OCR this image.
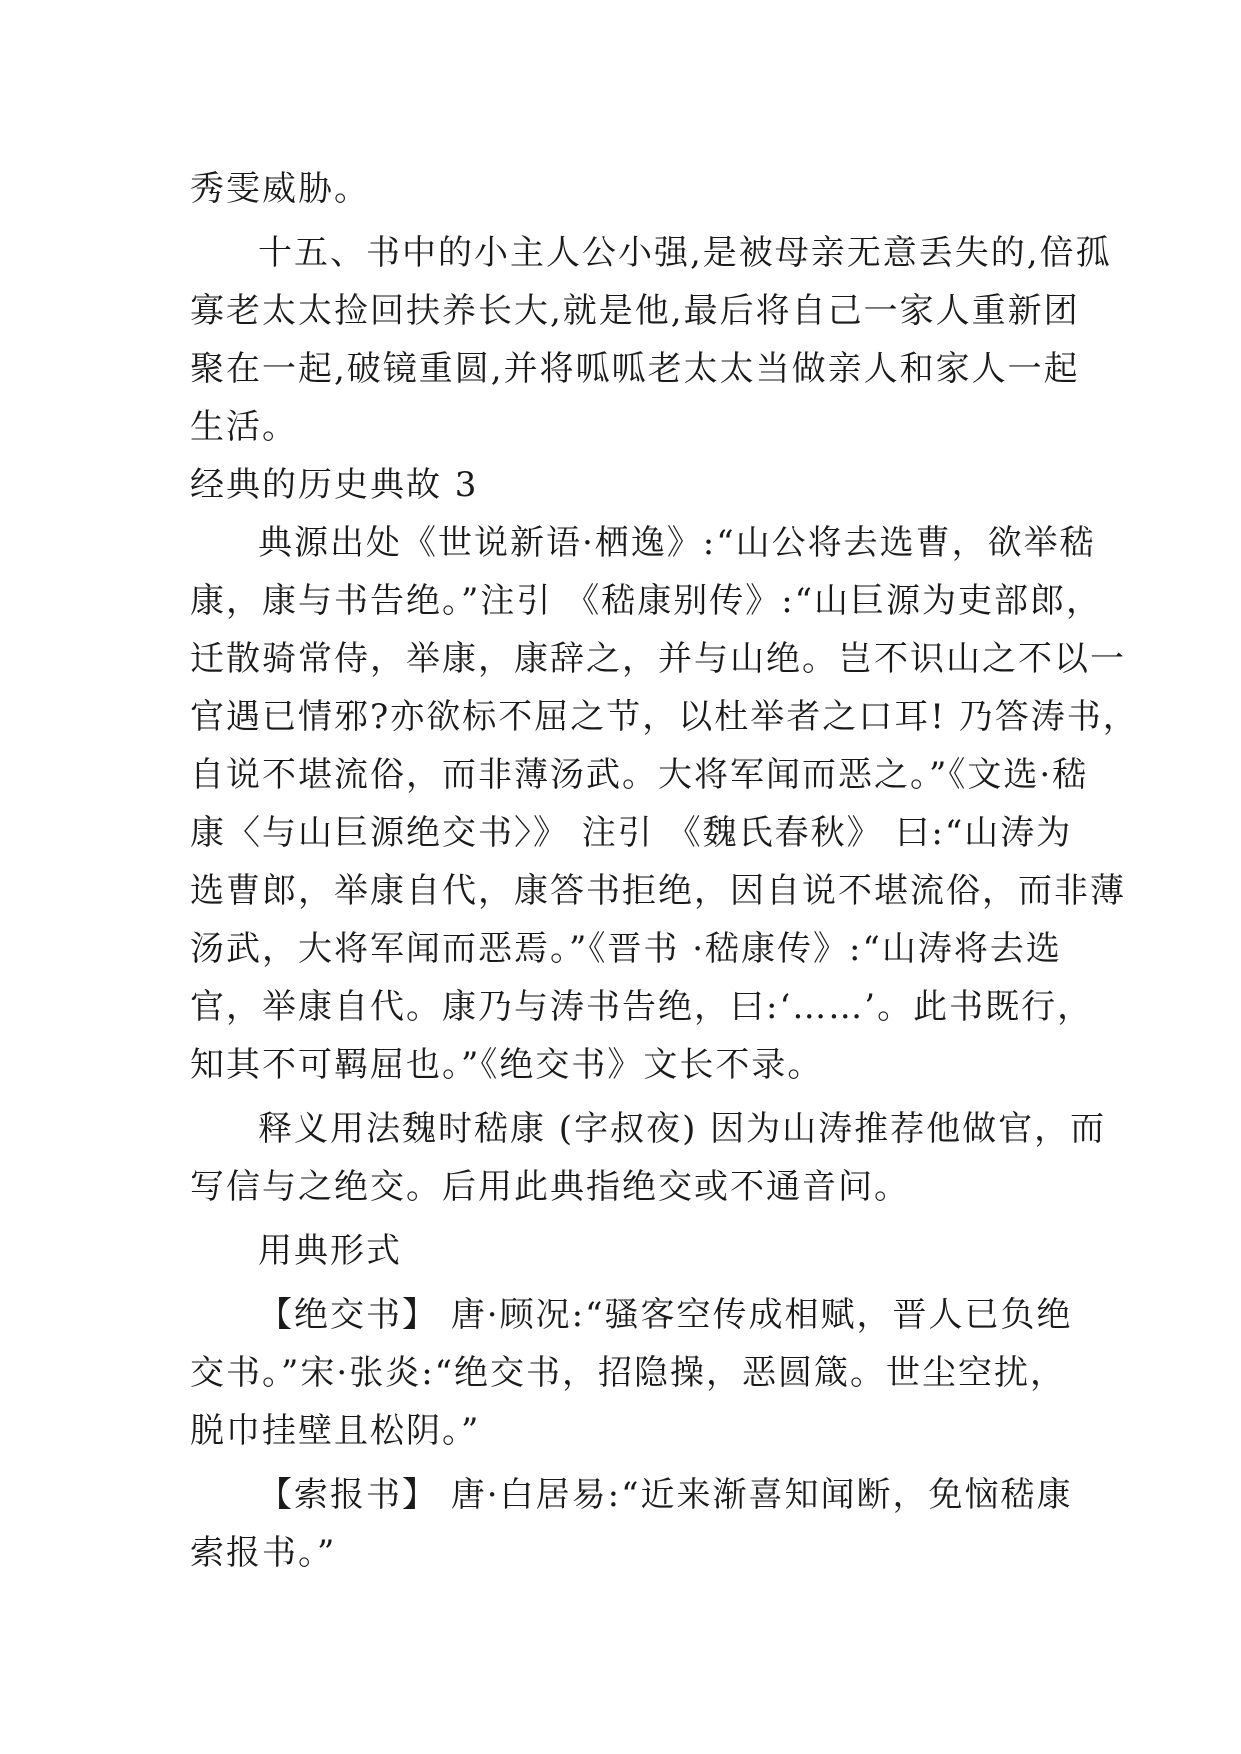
秀雯威胁。
十五、书中的小主人公小强,是被母亲无意丢失的,倍孤
寡老太太捡回扶养长大,就是他,最后将自己一家人重新团
聚在一起,破镜重圆,并将呱呱老太太当做亲人和家人一起
生活。
经典的历史典故 3
典源出处《世说新语·栖逸》:“山公将去选曹，欲举嵇
康，康与书告绝。”注引 《嵇康别传》:“山巨源为吏部郎，
迁散骑常侍，举康，康辞之，并与山绝。岂不识山之不以一
官遇已情邪?亦欲标不屈之节，以杜举者之口耳! 乃答涛书，
自说不堪流俗，而非薄汤武。大将军闻而恶之。”《文选·嵇
康〈与山巨源绝交书〉》 注引 《魏氏春秋》 曰:“山涛为
选曹郎，举康自代，康答书拒绝，因自说不堪流俗，而非薄
汤武，大将军闻而恶焉。”《晋书 ·嵇康传》:“山涛将去选
官，举康自代。康乃与涛书告绝，曰:‘……’。此书既行，
知其不可羁屈也。”《绝交书》文长不录。
释义用法魏时嵇康 (字叔夜) 因为山涛推荐他做官，而
写信与之绝交。后用此典指绝交或不通音问。
用典形式
【绝交书】 唐·顾况:“骚客空传成相赋，晋人已负绝
交书。”宋·张炎:“绝交书，招隐操，恶圆箴。世尘空扰，
脱巾挂壁且松阴。”
【索报书】 唐·白居易:“近来渐喜知闻断，免恼嵇康
索报书。”
